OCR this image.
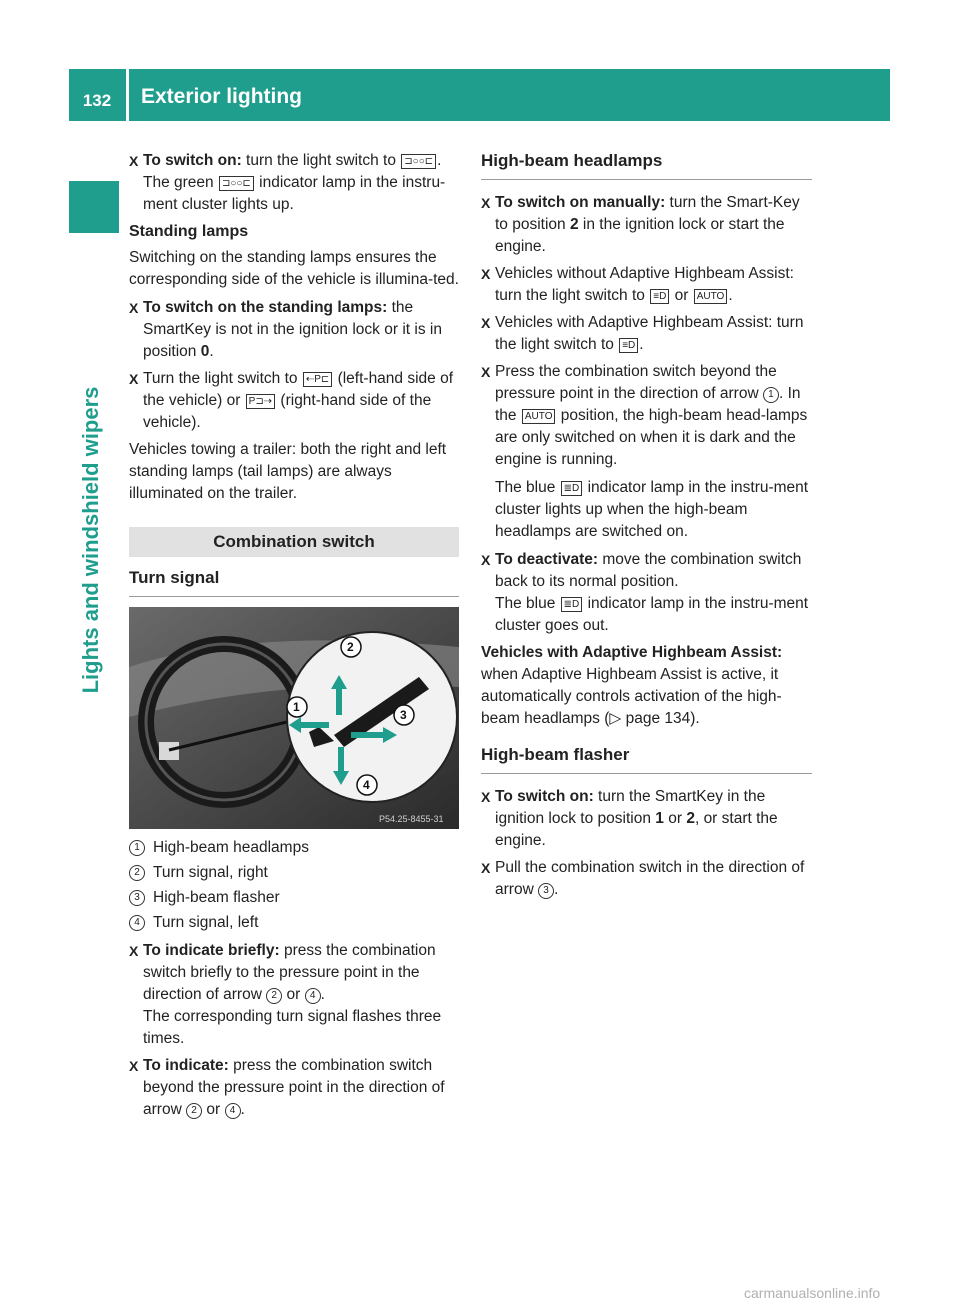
132	Exterior lighting
Lights and windshield wipers
X To switch on: turn the light switch to ⊐○○⊏ .
The green ⊐○○⊏ indicator lamp in the instru-ment cluster lights up.
Standing lamps

Switching on the standing lamps ensures the corresponding side of the vehicle is illumina-ted.

X To switch on the standing lamps: the SmartKey is not in the ignition lock or it is in position 0.
X Turn the light switch to ⇠P⊏ (left-hand side of the vehicle) or P⊐⇢ (right-hand side of the vehicle).

Vehicles towing a trailer: both the right and left standing lamps (tail lamps) are always illuminated on the trailer.

Combination switch
Turn signal
1
2
3
4
P54.25-8455-31
1 High-beam headlamps
2 Turn signal, right
3 High-beam flasher
4 Turn signal, left
X To indicate briefly: press the combination switch briefly to the pressure point in the direction of arrow 2 or 4 .
The corresponding turn signal flashes three times.
X To indicate: press the combination switch beyond the pressure point in the direction of arrow 2 or 4 .
High-beam headlamps
X To switch on manually: turn the Smart-Key to position 2 in the ignition lock or start the engine.
X Vehicles without Adaptive Highbeam Assist: turn the light switch to ≡D or AUTO .
X Vehicles with Adaptive Highbeam Assist: turn the light switch to ≡D .
X Press the combination switch beyond the pressure point in the direction of arrow 1 . In the AUTO position, the high-beam head-lamps are only switched on when it is dark and the engine is running.

The blue ≣D indicator lamp in the instru-ment cluster lights up when the high-beam headlamps are switched on.

X To deactivate: move the combination switch back to its normal position.
The blue ≣D indicator lamp in the instru-ment cluster goes out.

Vehicles with Adaptive Highbeam Assist:
when Adaptive Highbeam Assist is active, it automatically controls activation of the high-beam headlamps (▷ page 134).

High-beam flasher
X To switch on: turn the SmartKey in the ignition lock to position 1 or 2, or start the engine.
X Pull the combination switch in the direction of arrow 3 .
carmanualsonline.info
